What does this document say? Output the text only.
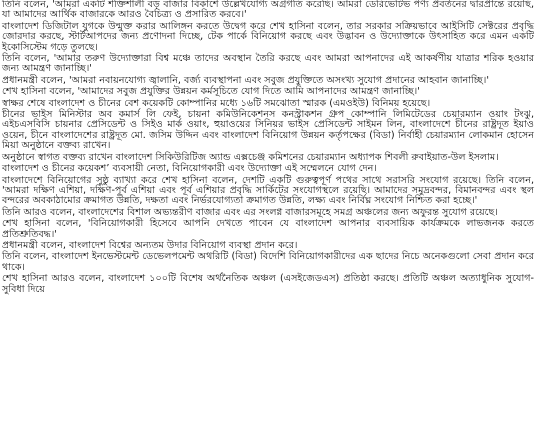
তিনি বলেন, 'আমরা একটি শক্তিশালী বড় বাজার বিকাশে উল্লেখযোগ্য অগ্রগতি করেছি। আমরা ডেরিভেটিভ পণ্য প্রবর্তনের দ্বারপ্রান্তে রয়েছি, যা আমাদের আর্থিক বাজারকে আরও বৈচিত্র্য ও প্রসারিত করবে।'

বাংলাদেশ ডিজিটাল যুগকে উন্মুক্ত করার আলিঙ্গন করতে উদ্বেগ করে শেখ হাসিনা বলেন, তার সরকার সক্রিয়ভাবে আইসিটি সেক্টরের প্রবৃদ্ধি জোরদার করছে, স্টার্টআপদের জন্য প্রণোদনা দিচ্ছে, টেক পার্কে বিনিয়োগ করছে এবং উদ্ভাবন ও উদ্যোক্তাকে উৎসাহিত করে এমন একটি ইকোসিস্টেম গড়ে তুলছে।

তিনি বলেন, 'আমার তরুণ উদ্যোক্তারা বিশ্ব মঞ্চে তাদের অবস্থান তৈরি করছে এবং আমরা আপনাদের এই আকর্ষণীয় যাত্রার শরিক হওয়ার জন্য আমন্ত্রণ জানাচ্ছি।'

প্রধানমন্ত্রী বলেন, 'আমরা নবায়নযোগ্য জ্বালানি, বর্জ্য ব্যবস্থাপনা এবং সবুজ প্রযুক্তিতে অসংখ্য সুযোগ প্রদানের আহবান জানাচ্ছি।'

শেখ হাসিনা বলেন, 'আমাদের সবুজ প্রযুক্তির উন্নয়ন কর্মসূচিতে যোগ দিতে আমি আপনাদের আমন্ত্রণ জানাচ্ছি।'

স্বাক্ষর শেষে বাংলাদেশ ও চীনের বেশ কয়েকটি কোম্পানির মধ্যে ১৬টি সমঝোতা স্মারক (এমওইউ) বিনিময় হয়েছে।

চীনের ভাইস মিনিস্টার অব কমার্স লি ফেই, চায়না কমিউনিকেশনস কনস্ট্রাকশন গ্রুপ কোম্পানি লিমিটেডের চেয়ারম্যান ওয়াং টংঝু, এইচএসবিসি চায়নার প্রেসিডেন্ট ও সিইও মার্ক ওয়াং, হুয়াওয়ের সিনিয়র ভাইস প্রেসিডেন্ট সাইমন লিন, বাংলাদেশে চীনের রাষ্ট্রদূত ইয়াও ওয়েন, চীনে বাংলাদেশের রাষ্ট্রদূত মো. জসিম উদ্দিন এবং বাংলাদেশ বিনিয়োগ উন্নয়ন কর্তৃপক্ষের (বিডা) নির্বাহী চেয়ারম্যান লোকমান হোসেন মিয়া অনুষ্ঠানে বক্তব্য রাখেন।

অনুষ্ঠানে স্বাগত বক্তব্য রাখেন বাংলাদেশ সিকিউরিটিজ অ্যান্ড এক্সচেঞ্জ কমিশনের চেয়ারম্যান অধ্যাপক শিবলী রুবাইয়াত-উল ইসলাম।

বাংলাদেশ ও চীনের কয়েকশ’ ব্যবসায়ী নেতা, বিনিয়োগকারী এবং উদ্যোক্তা এই সম্মেলনে যোগ দেন।

বাংলাদেশে বিনিয়োগের সুষ্ঠু ব্যাখ্যা করে শেখ হাসিনা বলেন, দেশটি একটি গুরুত্বপূর্ণ পথের সাথে সরাসরি সংযোগ রয়েছে। তিনি বলেন, 'আমরা দক্ষিণ এশিয়া, দক্ষিণ-পূর্ব এশিয়া এবং পূর্ব এশিয়ার প্রবৃদ্ধি সার্কিটের সংযোগস্থলে রয়েছি। আমাদের সমুদ্রবন্দর, বিমানবন্দর এবং স্থল বন্দরের অবকাঠামোর ক্রমাগত উন্নতি, দক্ষতা এবং নির্ভরযোগ্যতা ক্রমাগত উন্নতি, লক্ষ্য এবং নির্বিঘ্ন সংযোগ নিশ্চিত করা হচ্ছে।'

তিনি আরও বলেন, বাংলাদেশের বিশাল অভ্যন্তরীণ বাজার এবং এর সংলগ্ন বাজারসমূহে সমগ্র অঞ্চলের জন্য অফুরন্ত সুযোগ রয়েছে।

শেখ হাসিনা বলেন, 'বিনিয়োগকারী হিসেবে আপনি দেখতে পাবেন যে বাংলাদেশ আপনার ব্যবসায়িক কার্যক্রমকে লাভজনক করতে প্রতিশ্রুতিবদ্ধ।'

প্রধানমন্ত্রী বলেন, বাংলাদেশ বিশ্বের অন্যতম উদার বিনিয়োগ ব্যবস্থা প্রদান করে।

তিনি বলেন, বাংলাদেশ ইনভেস্টমেন্ট ডেভেলপমেন্ট অথরিটি (বিডা) বিদেশি বিনিয়োগকারীদের এক ছাদের নিচে অনেকগুলো সেবা প্রদান করে থাকে।

শেখ হাসিনা আরও বলেন, বাংলাদেশ ১০০টি বিশেষ অর্থনৈতিক অঞ্চল (এসইজেডএস) প্রতিষ্ঠা করছে। প্রতিটি অঞ্চল অত্যাধুনিক সুযোগ-সুবিধা দিয়ে
